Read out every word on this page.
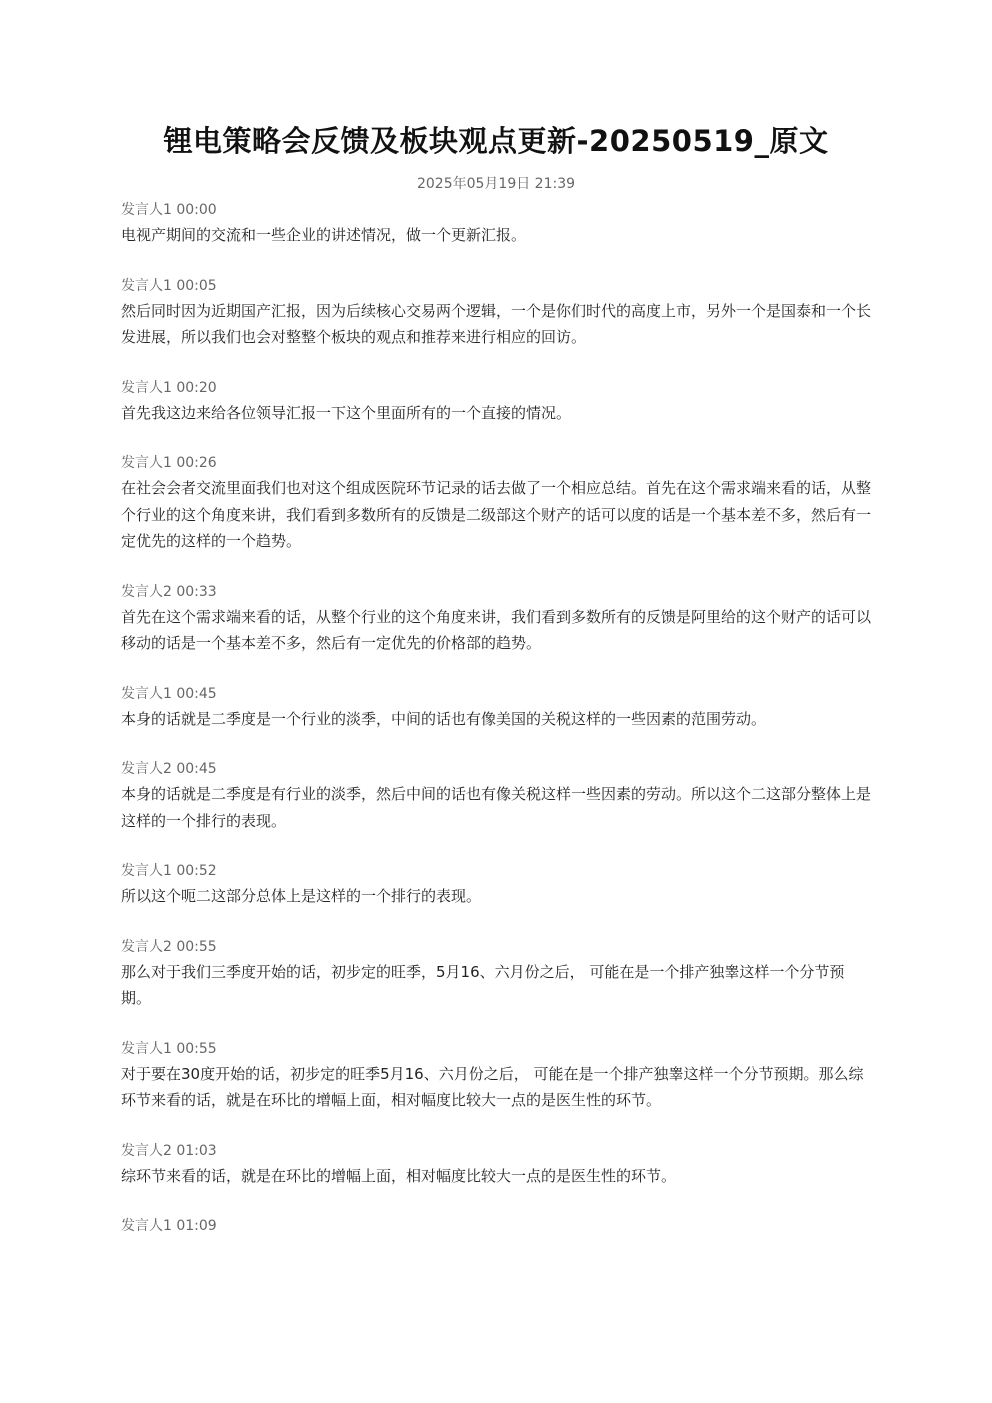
锂电策略会反馈及板块观点更新-20250519_原文
2025年05月19日 21:39
发言人1 00:00
电视产期间的交流和一些企业的讲述情况，做一个更新汇报。
发言人1 00:05
然后同时因为近期国产汇报，因为后续核心交易两个逻辑，一个是你们时代的高度上市，另外一个是国泰和一个长发进展，所以我们也会对整整个板块的观点和推荐来进行相应的回访。
发言人1 00:20
首先我这边来给各位领导汇报一下这个里面所有的一个直接的情况。
发言人1 00:26
在社会会者交流里面我们也对这个组成医院环节记录的话去做了一个相应总结。首先在这个需求端来看的话，从整个行业的这个角度来讲，我们看到多数所有的反馈是二级部这个财产的话可以度的话是一个基本差不多，然后有一定优先的这样的一个趋势。
发言人2 00:33
首先在这个需求端来看的话，从整个行业的这个角度来讲，我们看到多数所有的反馈是阿里给的这个财产的话可以移动的话是一个基本差不多，然后有一定优先的价格部的趋势。
发言人1 00:45
本身的话就是二季度是一个行业的淡季，中间的话也有像美国的关税这样的一些因素的范围劳动。
发言人2 00:45
本身的话就是二季度是有行业的淡季，然后中间的话也有像关税这样一些因素的劳动。所以这个二这部分整体上是这样的一个排行的表现。
发言人1 00:52
所以这个呃二这部分总体上是这样的一个排行的表现。
发言人2 00:55
那么对于我们三季度开始的话，初步定的旺季，5月16、六月份之后， 可能在是一个排产独睾这样一个分节预期。
发言人1 00:55
对于要在30度开始的话，初步定的旺季5月16、六月份之后， 可能在是一个排产独睾这样一个分节预期。那么综环节来看的话，就是在环比的增幅上面，相对幅度比较大一点的是医生性的环节。
发言人2 01:03
综环节来看的话，就是在环比的增幅上面，相对幅度比较大一点的是医生性的环节。
发言人1 01:09
